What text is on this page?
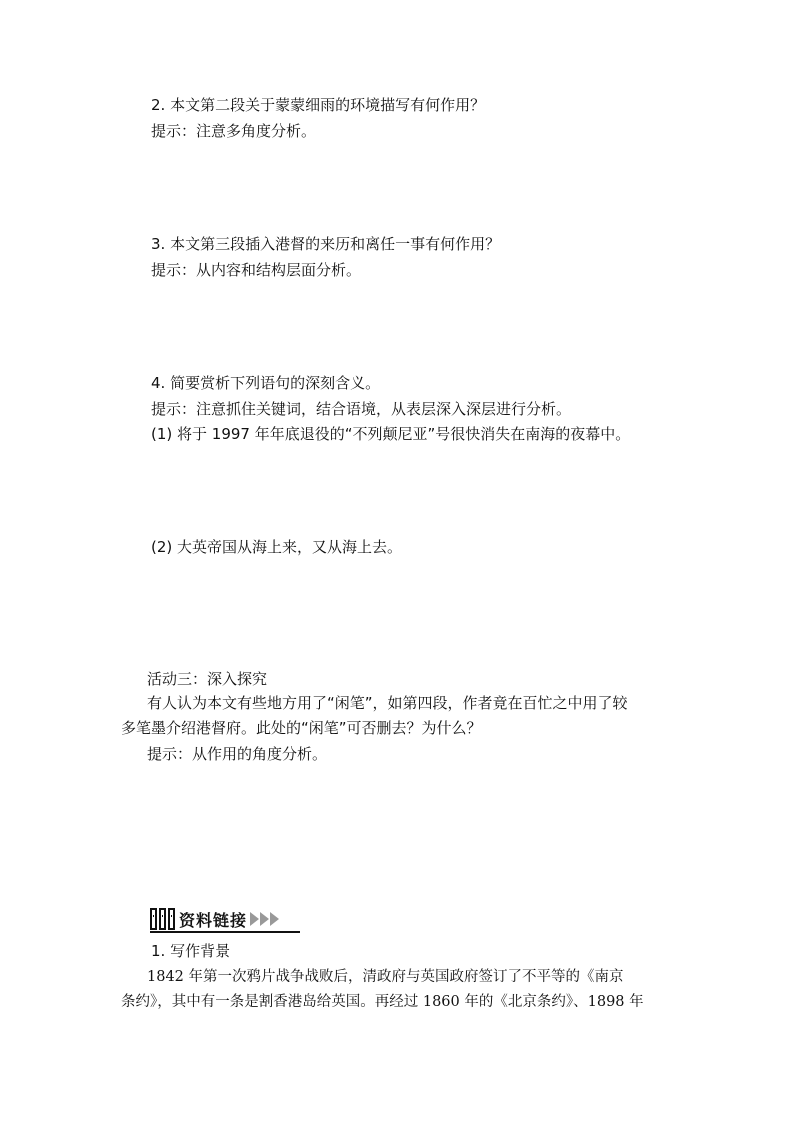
2. 本文第二段关于蒙蒙细雨的环境描写有何作用？
提示：注意多角度分析。
3. 本文第三段插入港督的来历和离任一事有何作用？
提示：从内容和结构层面分析。
4. 简要赏析下列语句的深刻含义。
提示：注意抓住关键词，结合语境，从表层深入深层进行分析。
(1) 将于 1997 年年底退役的“不列颠尼亚”号很快消失在南海的夜幕中。
(2) 大英帝国从海上来，又从海上去。
活动三：深入探究
有人认为本文有些地方用了“闲笔”，如第四段，作者竟在百忙之中用了较
多笔墨介绍港督府。此处的“闲笔”可否删去？为什么？
提示：从作用的角度分析。
资料链接
1. 写作背景
1842 年第一次鸦片战争战败后，清政府与英国政府签订了不平等的《南京
条约》，其中有一条是割香港岛给英国。再经过 1860 年的《北京条约》、1898 年
